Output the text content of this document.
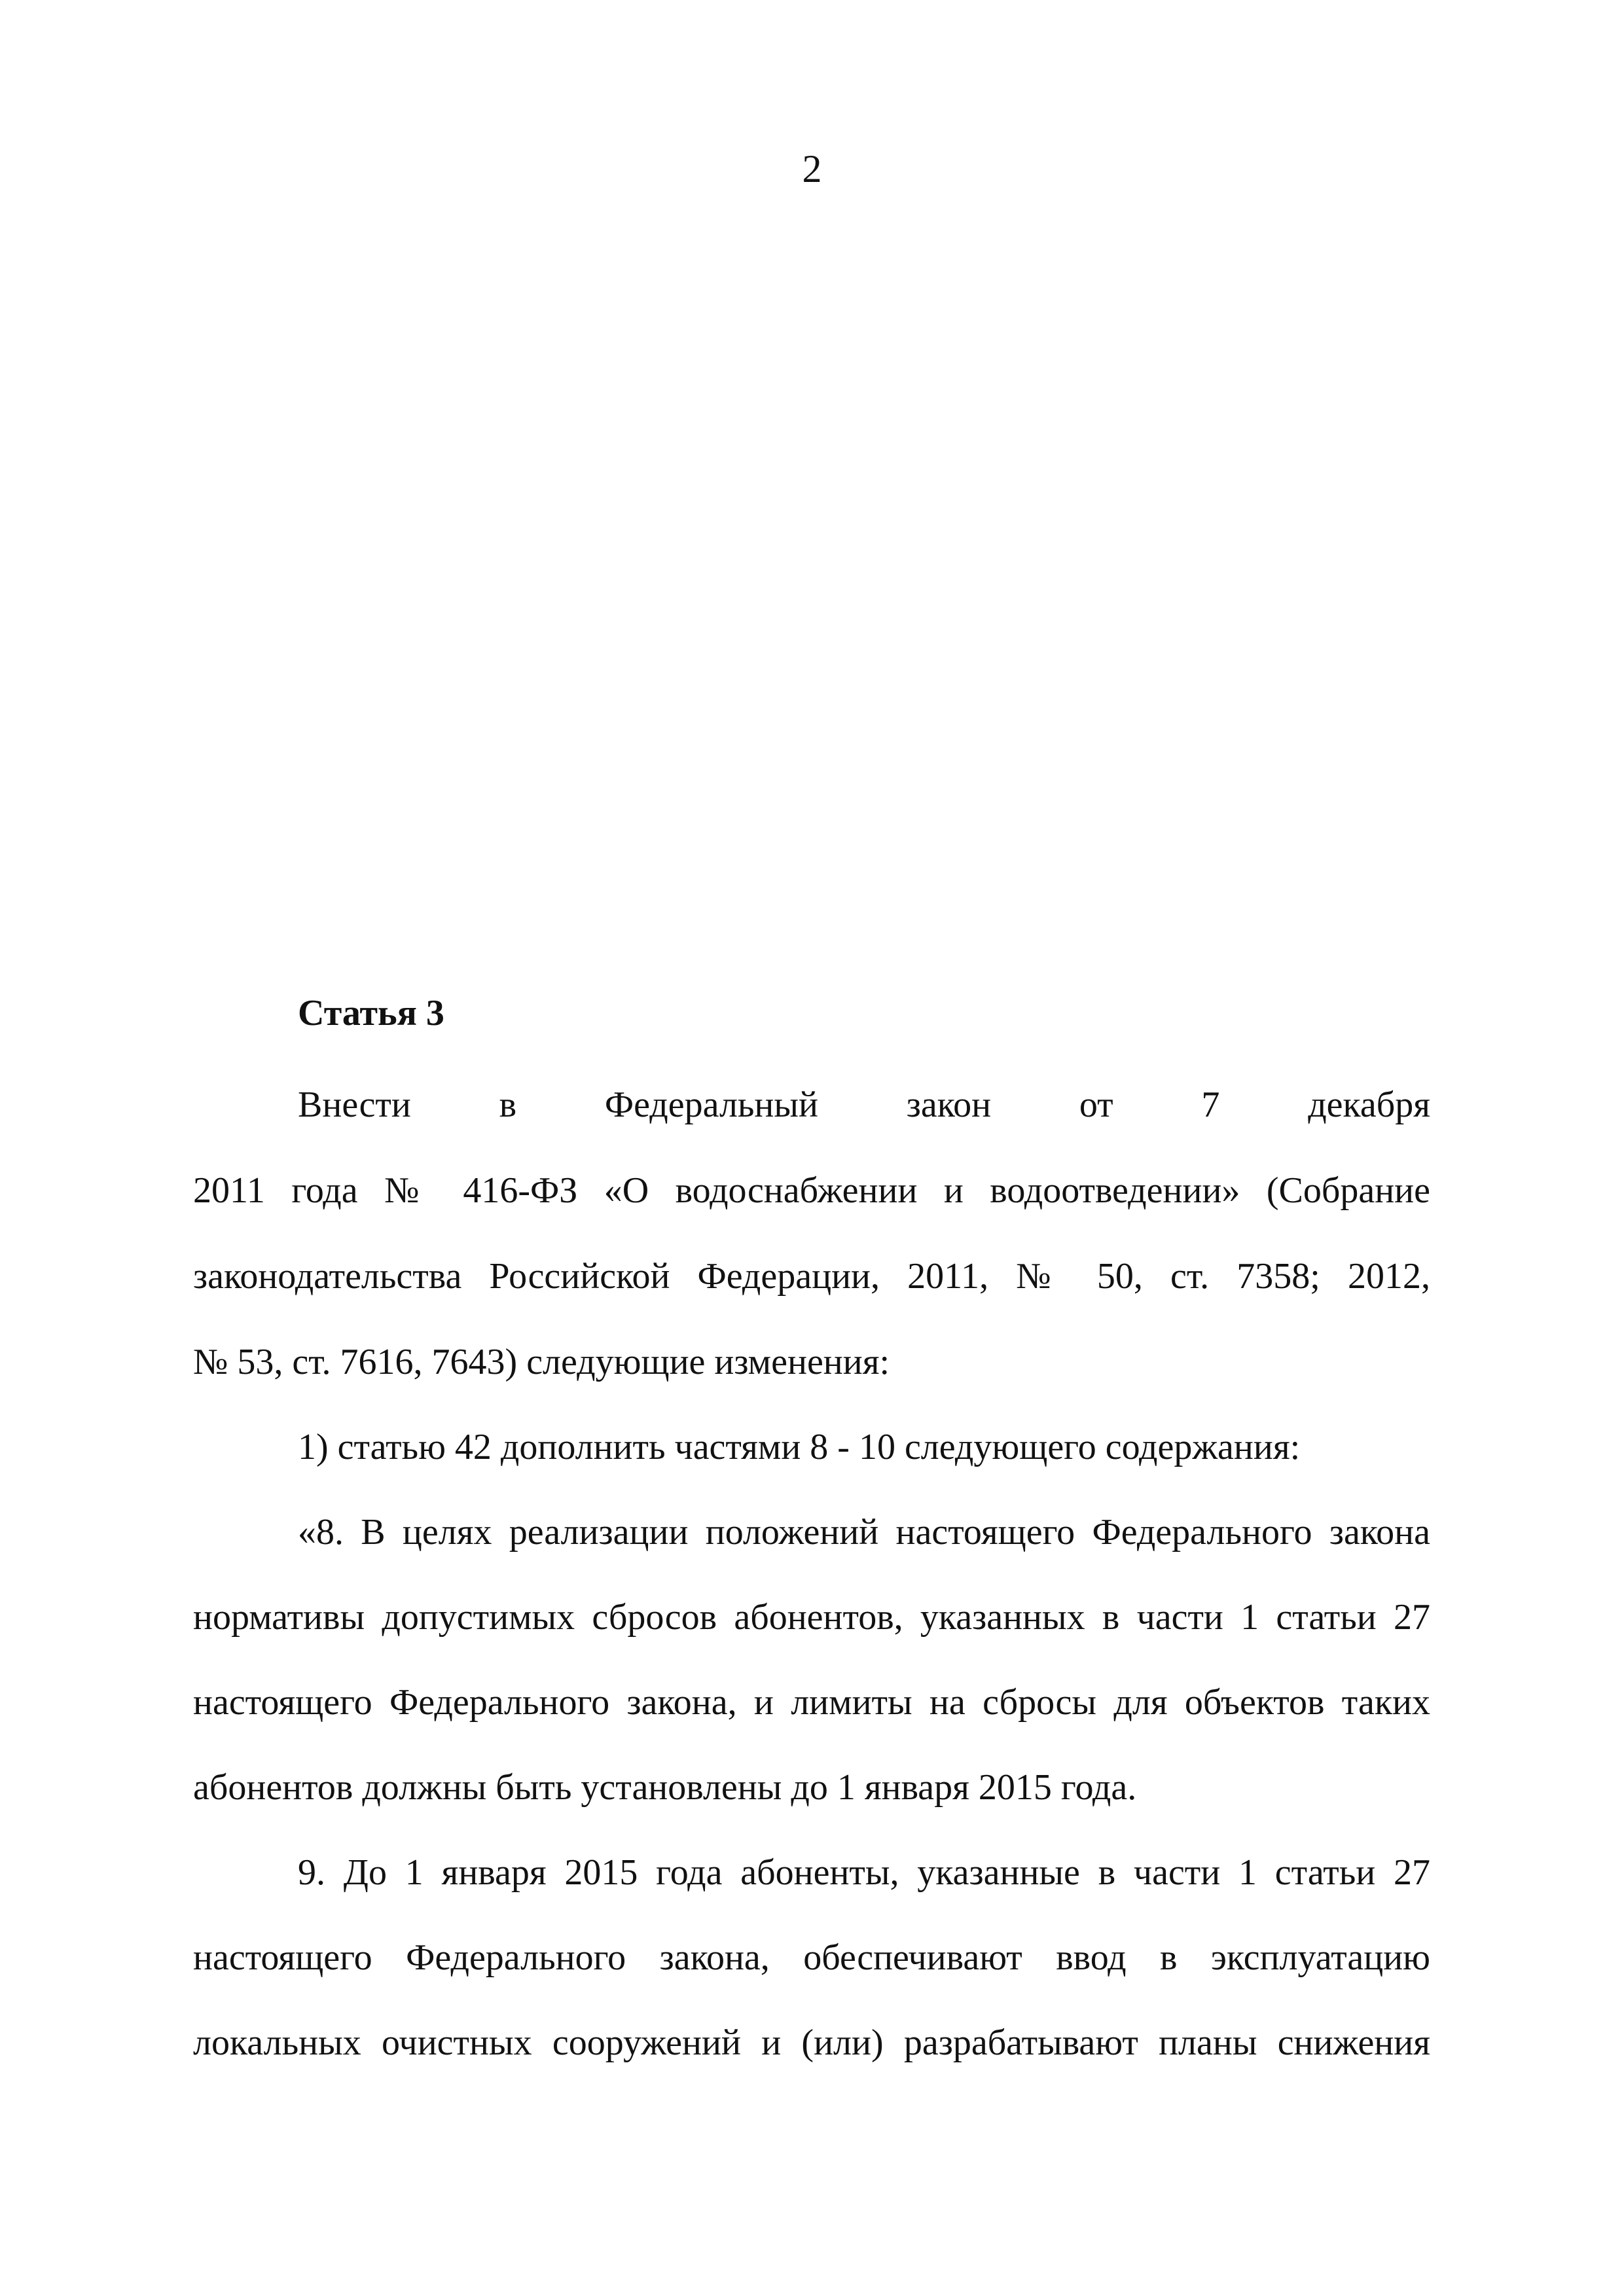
2
Статья 3
Внести в Федеральный закон от 7 декабря
2011 года № 416-ФЗ «О водоснабжении и водоотведении» (Собрание
законодательства Российской Федерации, 2011, № 50, ст. 7358; 2012,
№ 53, ст. 7616, 7643) следующие изменения:
1) статью 42 дополнить частями 8 - 10 следующего содержания:
«8. В целях реализации положений настоящего Федерального закона
нормативы допустимых сбросов абонентов, указанных в части 1 статьи 27
настоящего Федерального закона, и лимиты на сбросы для объектов таких
абонентов должны быть установлены до 1 января 2015 года.
9. До 1 января 2015 года абоненты, указанные в части 1 статьи 27
настоящего Федерального закона, обеспечивают ввод в эксплуатацию
локальных очистных сооружений и (или) разрабатывают планы снижения
